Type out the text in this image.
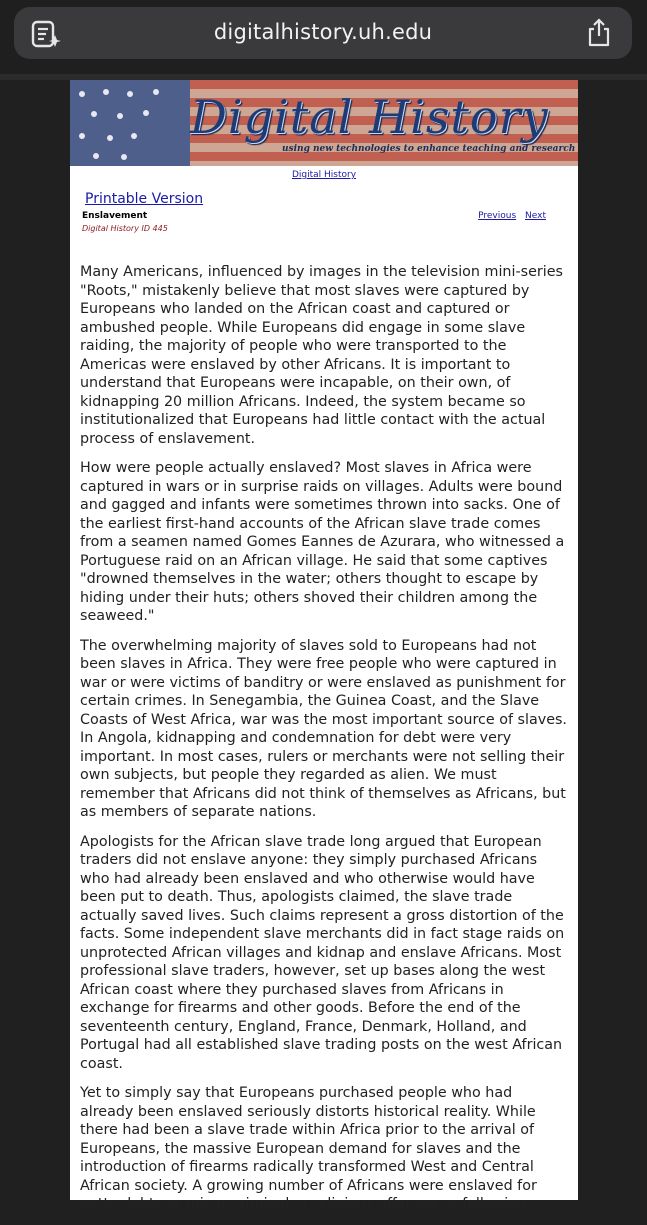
digitalhistory.uh.edu
Digital History
using new technologies to enhance teaching and research
Digital History
Printable Version
Enslavement	Previous Next
Digital History ID 445

Many Americans, influenced by images in the television mini-series "Roots," mistakenly believe that most slaves were captured by Europeans who landed on the African coast and captured or ambushed people. While Europeans did engage in some slave raiding, the majority of people who were transported to the Americas were enslaved by other Africans. It is important to understand that Europeans were incapable, on their own, of kidnapping 20 million Africans. Indeed, the system became so institutionalized that Europeans had little contact with the actual process of enslavement.

How were people actually enslaved? Most slaves in Africa were captured in wars or in surprise raids on villages. Adults were bound and gagged and infants were sometimes thrown into sacks. One of the earliest first-hand accounts of the African slave trade comes from a seamen named Gomes Eannes de Azurara, who witnessed a Portuguese raid on an African village. He said that some captives "drowned themselves in the water; others thought to escape by hiding under their huts; others shoved their children among the seaweed."

The overwhelming majority of slaves sold to Europeans had not been slaves in Africa. They were free people who were captured in war or were victims of banditry or were enslaved as punishment for certain crimes. In Senegambia, the Guinea Coast, and the Slave Coasts of West Africa, war was the most important source of slaves. In Angola, kidnapping and condemnation for debt were very important. In most cases, rulers or merchants were not selling their own subjects, but people they regarded as alien. We must remember that Africans did not think of themselves as Africans, but as members of separate nations.

Apologists for the African slave trade long argued that European traders did not enslave anyone: they simply purchased Africans who had already been enslaved and who otherwise would have been put to death. Thus, apologists claimed, the slave trade actually saved lives. Such claims represent a gross distortion of the facts. Some independent slave merchants did in fact stage raids on unprotected African villages and kidnap and enslave Africans. Most professional slave traders, however, set up bases along the west African coast where they purchased slaves from Africans in exchange for firearms and other goods. Before the end of the seventeenth century, England, France, Denmark, Holland, and Portugal had all established slave trading posts on the west African coast.

Yet to simply say that Europeans purchased people who had already been enslaved seriously distorts historical reality. While there had been a slave trade within Africa prior to the arrival of Europeans, the massive European demand for slaves and the introduction of firearms radically transformed West and Central African society. A growing number of Africans were enslaved for petty debts or minor criminal or religious offenses or following
